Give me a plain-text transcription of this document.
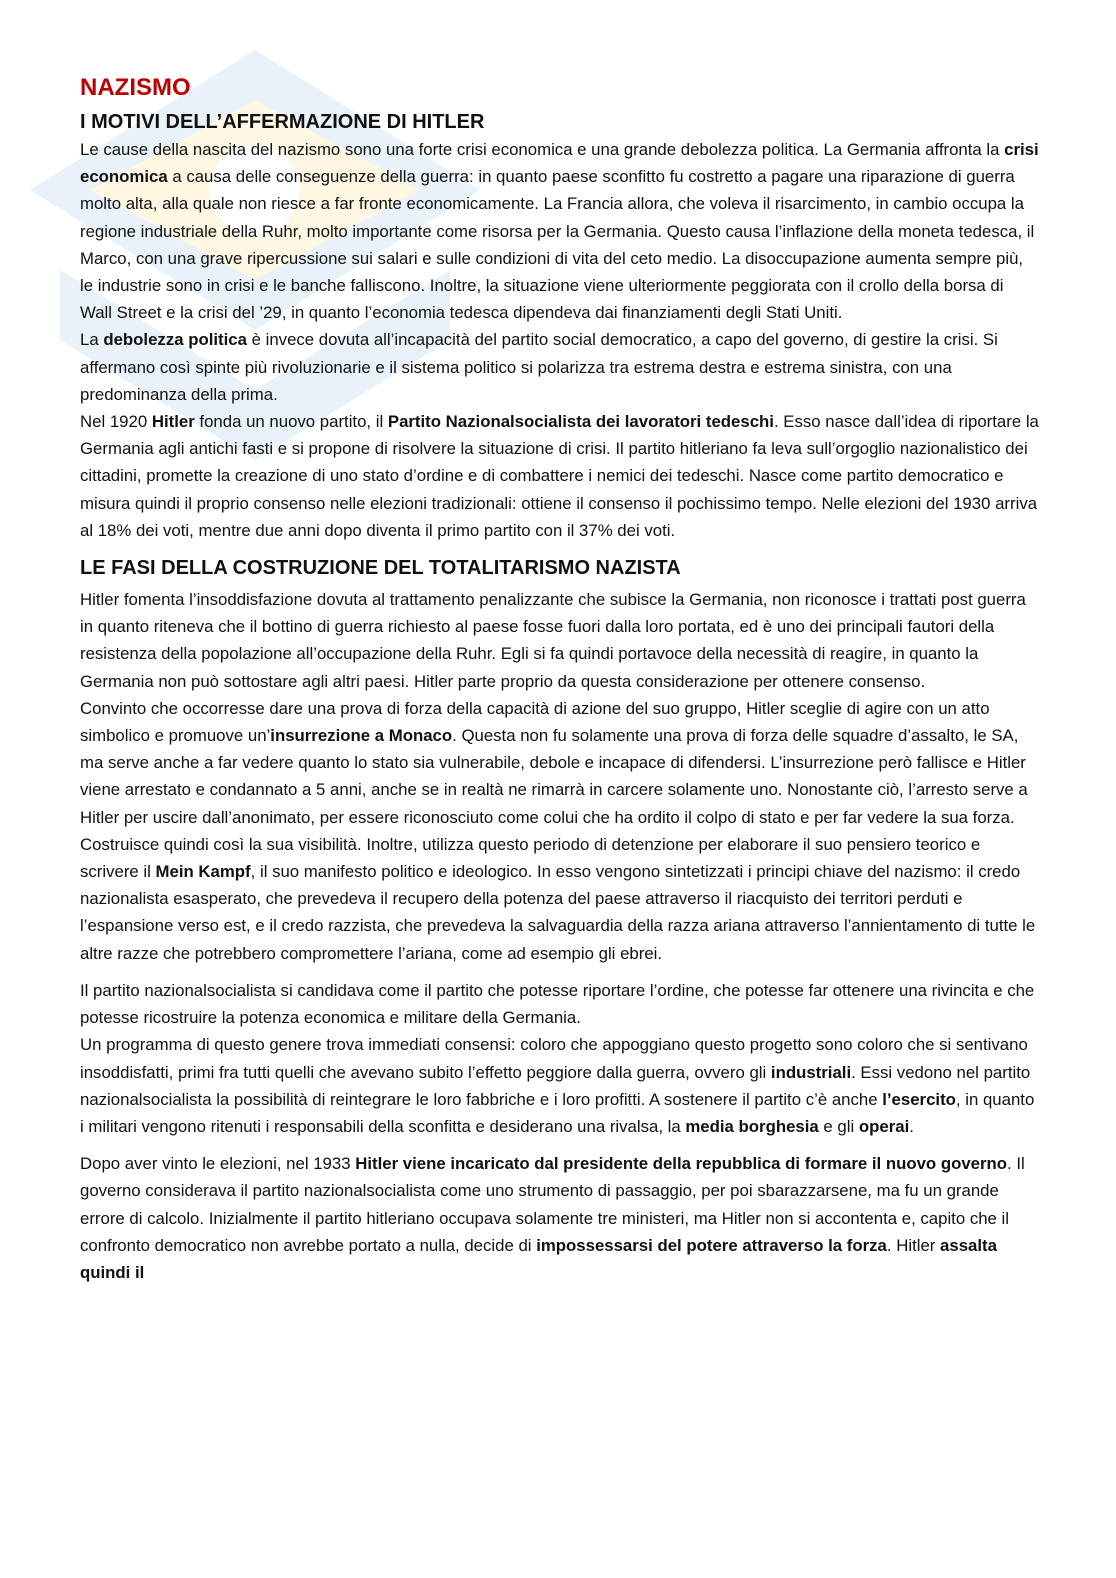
NAZISMO
I MOTIVI DELL’AFFERMAZIONE DI HITLER

Le cause della nascita del nazismo sono una forte crisi economica e una grande debolezza politica. La Germania affronta la crisi economica a causa delle conseguenze della guerra: in quanto paese sconfitto fu costretto a pagare una riparazione di guerra molto alta, alla quale non riesce a far fronte economicamente. La Francia allora, che voleva il risarcimento, in cambio occupa la regione industriale della Ruhr, molto importante come risorsa per la Germania. Questo causa l’inflazione della moneta tedesca, il Marco, con una grave ripercussione sui salari e sulle condizioni di vita del ceto medio. La disoccupazione aumenta sempre più, le industrie sono in crisi e le banche falliscono. Inoltre, la situazione viene ulteriormente peggiorata con il crollo della borsa di Wall Street e la crisi del ’29, in quanto l’economia tedesca dipendeva dai finanziamenti degli Stati Uniti.

La debolezza politica è invece dovuta all’incapacità del partito social democratico, a capo del governo, di gestire la crisi. Si affermano così spinte più rivoluzionarie e il sistema politico si polarizza tra estrema destra e estrema sinistra, con una predominanza della prima.

Nel 1920 Hitler fonda un nuovo partito, il Partito Nazionalsocialista dei lavoratori tedeschi. Esso nasce dall’idea di riportare la Germania agli antichi fasti e si propone di risolvere la situazione di crisi. Il partito hitleriano fa leva sull’orgoglio nazionalistico dei cittadini, promette la creazione di uno stato d’ordine e di combattere i nemici dei tedeschi. Nasce come partito democratico e misura quindi il proprio consenso nelle elezioni tradizionali: ottiene il consenso il pochissimo tempo. Nelle elezioni del 1930 arriva al 18% dei voti, mentre due anni dopo diventa il primo partito con il 37% dei voti.

LE FASI DELLA COSTRUZIONE DEL TOTALITARISMO NAZISTA

Hitler fomenta l’insoddisfazione dovuta al trattamento penalizzante che subisce la Germania, non riconosce i trattati post guerra in quanto riteneva che il bottino di guerra richiesto al paese fosse fuori dalla loro portata, ed è uno dei principali fautori della resistenza della popolazione all’occupazione della Ruhr. Egli si fa quindi portavoce della necessità di reagire, in quanto la Germania non può sottostare agli altri paesi. Hitler parte proprio da questa considerazione per ottenere consenso.

Convinto che occorresse dare una prova di forza della capacità di azione del suo gruppo, Hitler sceglie di agire con un atto simbolico e promuove un’insurrezione a Monaco. Questa non fu solamente una prova di forza delle squadre d’assalto, le SA, ma serve anche a far vedere quanto lo stato sia vulnerabile, debole e incapace di difendersi. L’insurrezione però fallisce e Hitler viene arrestato e condannato a 5 anni, anche se in realtà ne rimarrà in carcere solamente uno. Nonostante ciò, l’arresto serve a Hitler per uscire dall’anonimato, per essere riconosciuto come colui che ha ordito il colpo di stato e per far vedere la sua forza. Costruisce quindi così la sua visibilità. Inoltre, utilizza questo periodo di detenzione per elaborare il suo pensiero teorico e scrivere il Mein Kampf, il suo manifesto politico e ideologico. In esso vengono sintetizzati i principi chiave del nazismo: il credo nazionalista esasperato, che prevedeva il recupero della potenza del paese attraverso il riacquisto dei territori perduti e l’espansione verso est, e il credo razzista, che prevedeva la salvaguardia della razza ariana attraverso l’annientamento di tutte le altre razze che potrebbero compromettere l’ariana, come ad esempio gli ebrei.

Il partito nazionalsocialista si candidava come il partito che potesse riportare l’ordine, che potesse far ottenere una rivincita e che potesse ricostruire la potenza economica e militare della Germania.

Un programma di questo genere trova immediati consensi: coloro che appoggiano questo progetto sono coloro che si sentivano insoddisfatti, primi fra tutti quelli che avevano subito l’effetto peggiore dalla guerra, ovvero gli industriali. Essi vedono nel partito nazionalsocialista la possibilità di reintegrare le loro fabbriche e i loro profitti. A sostenere il partito c’è anche l’esercito, in quanto i militari vengono ritenuti i responsabili della sconfitta e desiderano una rivalsa, la media borghesia e gli operai.

Dopo aver vinto le elezioni, nel 1933 Hitler viene incaricato dal presidente della repubblica di formare il nuovo governo. Il governo considerava il partito nazionalsocialista come uno strumento di passaggio, per poi sbarazzarsene, ma fu un grande errore di calcolo. Inizialmente il partito hitleriano occupava solamente tre ministeri, ma Hitler non si accontenta e, capito che il confronto democratico non avrebbe portato a nulla, decide di impossessarsi del potere attraverso la forza. Hitler assalta quindi il
